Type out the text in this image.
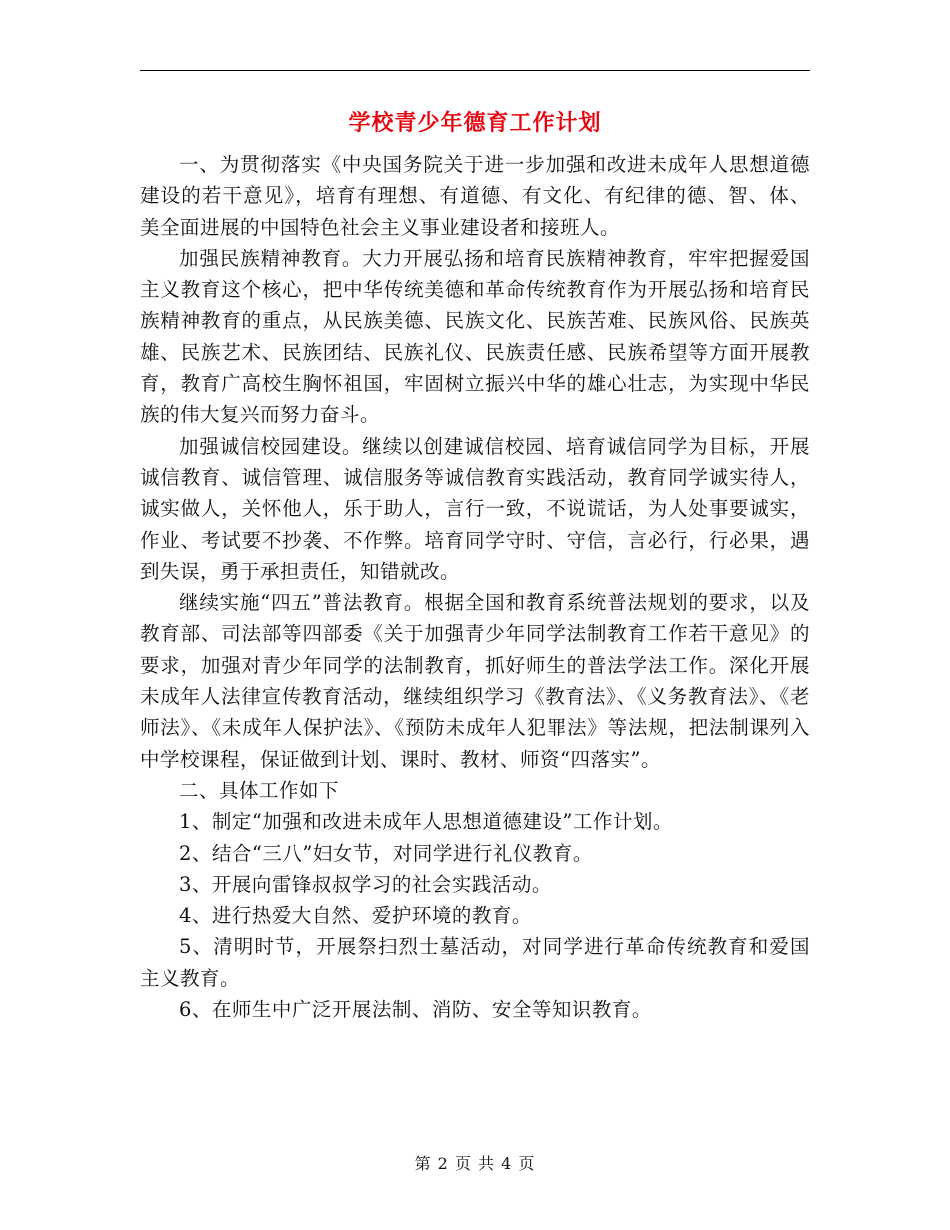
学校青少年德育工作计划

一、为贯彻落实《中央国务院关于进一步加强和改进未成年人思想道德建设的若干意见》，培育有理想、有道德、有文化、有纪律的德、智、体、美全面进展的中国特色社会主义事业建设者和接班人。

加强民族精神教育。大力开展弘扬和培育民族精神教育，牢牢把握爱国主义教育这个核心，把中华传统美德和革命传统教育作为开展弘扬和培育民族精神教育的重点，从民族美德、民族文化、民族苦难、民族风俗、民族英雄、民族艺术、民族团结、民族礼仪、民族责任感、民族希望等方面开展教育，教育广高校生胸怀祖国，牢固树立振兴中华的雄心壮志，为实现中华民族的伟大复兴而努力奋斗。

加强诚信校园建设。继续以创建诚信校园、培育诚信同学为目标，开展诚信教育、诚信管理、诚信服务等诚信教育实践活动，教育同学诚实待人，诚实做人，关怀他人，乐于助人，言行一致，不说谎话，为人处事要诚实，作业、考试要不抄袭、不作弊。培育同学守时、守信，言必行，行必果，遇到失误，勇于承担责任，知错就改。

继续实施“四五”普法教育。根据全国和教育系统普法规划的要求，以及教育部、司法部等四部委《关于加强青少年同学法制教育工作若干意见》的要求，加强对青少年同学的法制教育，抓好师生的普法学法工作。深化开展未成年人法律宣传教育活动，继续组织学习《教育法》、《义务教育法》、《老师法》、《未成年人保护法》、《预防未成年人犯罪法》等法规，把法制课列入中学校课程，保证做到计划、课时、教材、师资“四落实”。

二、具体工作如下

1、制定“加强和改进未成年人思想道德建设”工作计划。

2、结合“三八”妇女节，对同学进行礼仪教育。

3、开展向雷锋叔叔学习的社会实践活动。

4、进行热爱大自然、爱护环境的教育。

5、清明时节，开展祭扫烈士墓活动，对同学进行革命传统教育和爱国主义教育。

6、在师生中广泛开展法制、消防、安全等知识教育。

第 2 页 共 4 页
